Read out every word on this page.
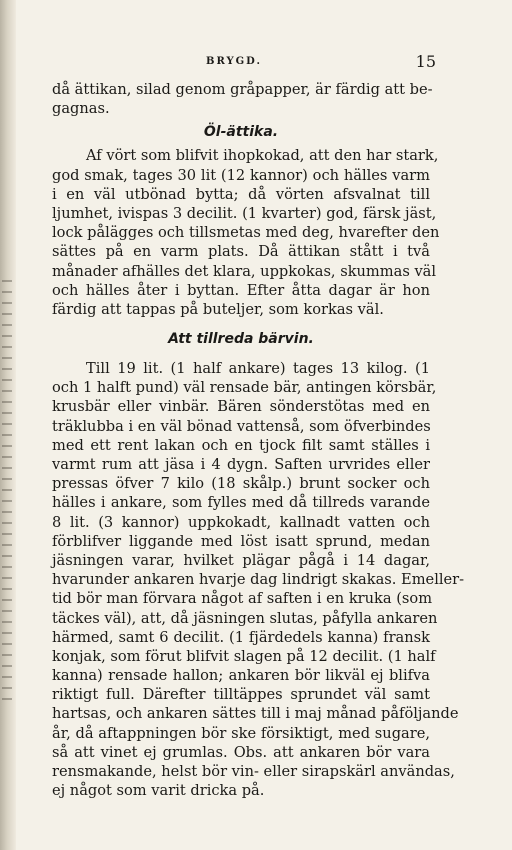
BRYGD.	15
då ättikan, silad genom gråpapper, är färdig att be-
gagnas.
Öl-ättika.
Af vört som blifvit ihopkokad, att den har stark,
god smak, tages 30 lit (12 kannor) och hälles varm
i en väl utbönad bytta; då vörten afsvalnat till
ljumhet, ivispas 3 decilit. (1 kvarter) god, färsk jäst,
lock pålägges och tillsmetas med deg, hvarefter den
sättes på en varm plats. Då ättikan stått i två
månader afhälles det klara, uppkokas, skummas väl
och hälles åter i byttan. Efter åtta dagar är hon
färdig att tappas på buteljer, som korkas väl.
Att tillreda bärvin.
Till 19 lit. (1 half ankare) tages 13 kilog. (1
och 1 halft pund) väl rensade bär, antingen körsbär,
krusbär eller vinbär. Bären sönderstötas med en
träklubba i en väl bönad vattenså, som öfverbindes
med ett rent lakan och en tjock filt samt ställes i
varmt rum att jäsa i 4 dygn. Saften urvrides eller
pressas öfver 7 kilo (18 skålp.) brunt socker och
hälles i ankare, som fylles med då tillreds varande
8 lit. (3 kannor) uppkokadt, kallnadt vatten och
förblifver liggande med löst isatt sprund, medan
jäsningen varar, hvilket plägar pågå i 14 dagar,
hvarunder ankaren hvarje dag lindrigt skakas. Emeller-
tid bör man förvara något af saften i en kruka (som
täckes väl), att, då jäsningen slutas, påfylla ankaren
härmed, samt 6 decilit. (1 fjärdedels kanna) fransk
konjak, som förut blifvit slagen på 12 decilit. (1 half
kanna) rensade hallon; ankaren bör likväl ej blifva
riktigt full. Därefter tilltäppes sprundet väl samt
hartsas, och ankaren sättes till i maj månad påföljande
år, då aftappningen bör ske försiktigt, med sugare,
så att vinet ej grumlas. Obs. att ankaren bör vara
rensmakande, helst bör vin- eller sirapskärl användas,
ej något som varit dricka på.
